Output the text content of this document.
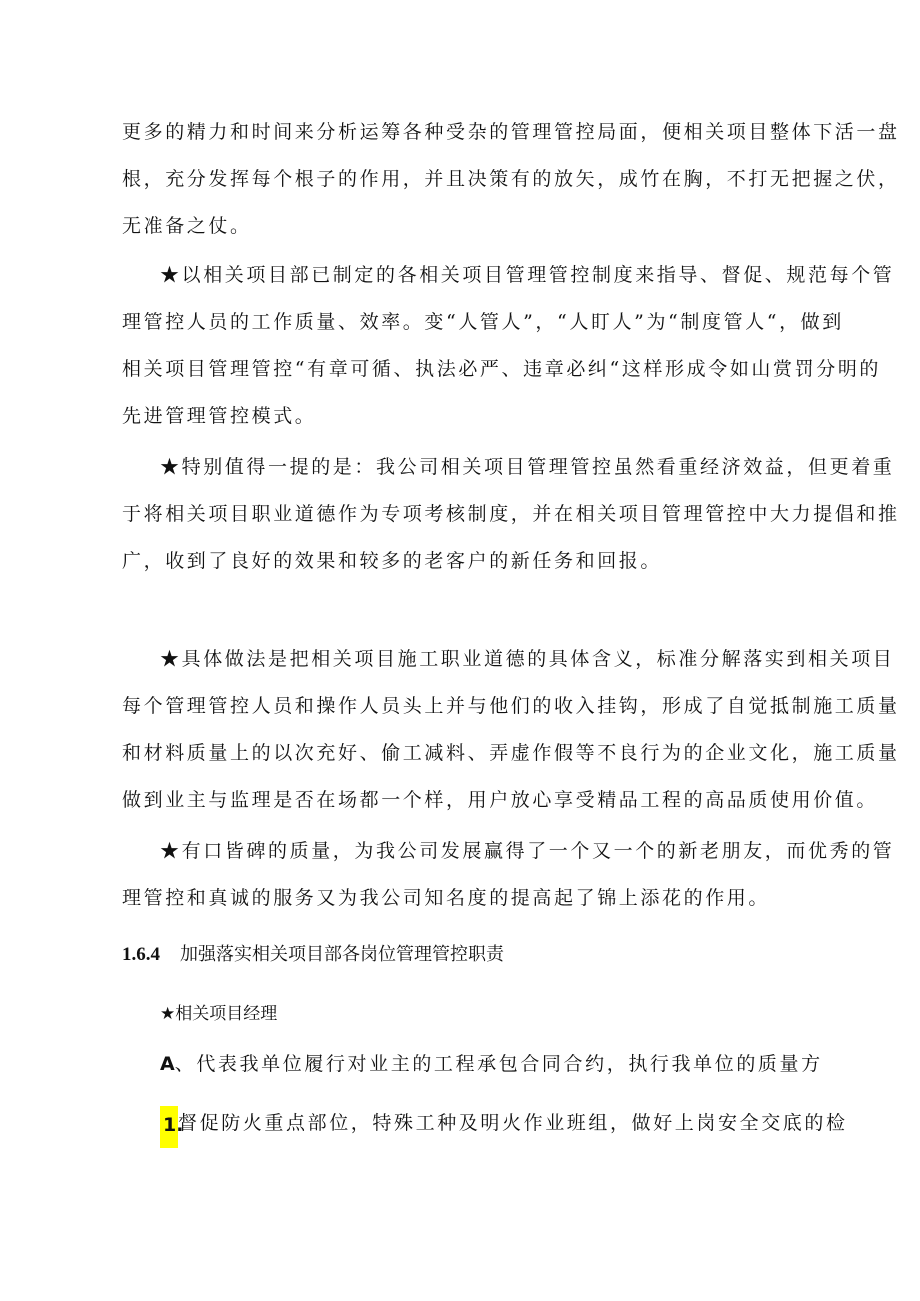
更多的精力和时间来分析运筹各种受杂的管理管控局面，便相关项目整体下活一盘
根，充分发挥每个根子的作用，并且决策有的放矢，成竹在胸，不打无把握之伏，
无准备之仗。
★以相关项目部已制定的各相关项目管理管控制度来指导、督促、规范每个管
理管控人员的工作质量、效率。变“人管人”，“人盯人”为“制度管人“，做到
相关项目管理管控“有章可循、执法必严、违章必纠“这样形成令如山赏罚分明的
先进管理管控模式。
★特别值得一提的是：我公司相关项目管理管控虽然看重经济效益，但更着重
于将相关项目职业道德作为专项考核制度，并在相关项目管理管控中大力提倡和推
广，收到了良好的效果和较多的老客户的新任务和回报。
★具体做法是把相关项目施工职业道德的具体含义，标准分解落实到相关项目
每个管理管控人员和操作人员头上并与他们的收入挂钩，形成了自觉抵制施工质量
和材料质量上的以次充好、偷工减料、弄虚作假等不良行为的企业文化，施工质量
做到业主与监理是否在场都一个样，用户放心享受精品工程的高品质使用价值。
★有口皆碑的质量，为我公司发展赢得了一个又一个的新老朋友，而优秀的管
理管控和真诚的服务又为我公司知名度的提高起了锦上添花的作用。
1.6.4 加强落实相关项目部各岗位管理管控职责
★相关项目经理
A、代表我单位履行对业主的工程承包合同合约，执行我单位的质量方
1.督促防火重点部位，特殊工种及明火作业班组，做好上岗安全交底的检
